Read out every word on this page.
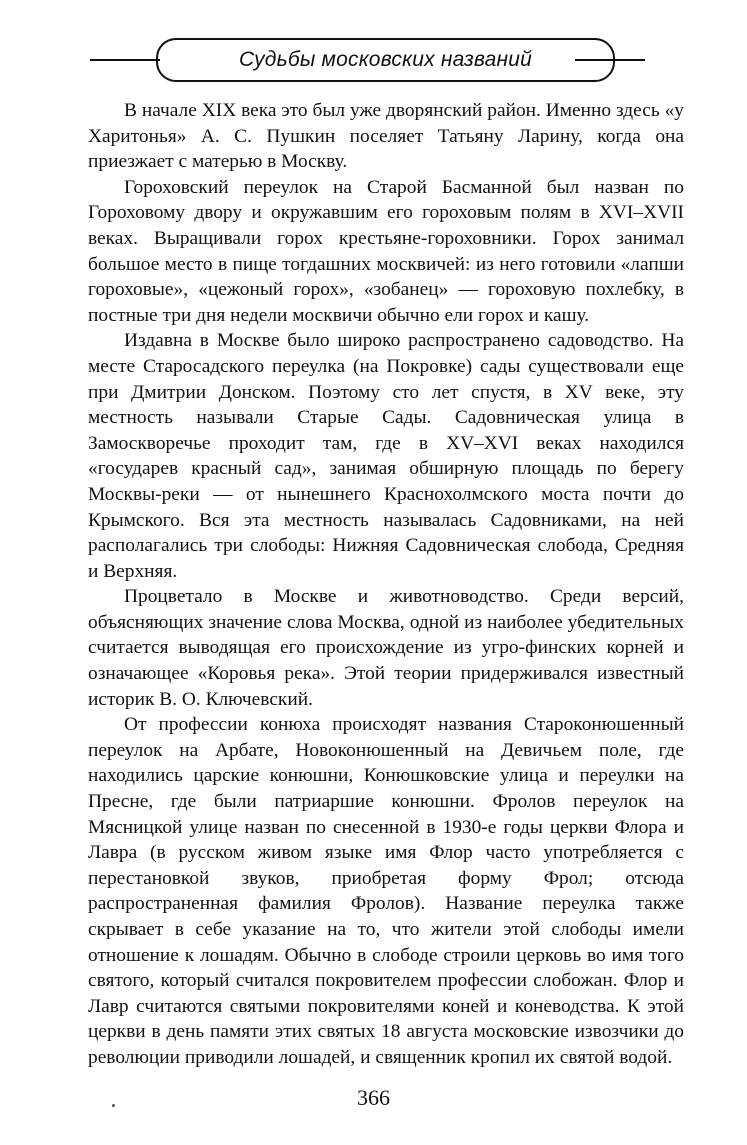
Судьбы московских названий

В начале XIX века это был уже дворянский район. Именно здесь «у Харитонья» А. С. Пушкин поселяет Татьяну Ларину, когда она приезжает с матерью в Москву.

Гороховский переулок на Старой Басманной был назван по Гороховому двору и окружавшим его гороховым полям в XVI–XVII веках. Выращивали горох крестьяне-гороховники. Горох занимал большое место в пище тогдашних москвичей: из него готовили «лапши гороховые», «цежоный горох», «зобанец» — гороховую похлебку, в постные три дня недели москвичи обычно ели горох и кашу.

Издавна в Москве было широко распространено садоводство. На месте Старосадского переулка (на Покровке) сады существовали еще при Дмитрии Донском. Поэтому сто лет спустя, в XV веке, эту местность называли Старые Сады. Садовническая улица в Замоскворечье проходит там, где в XV–XVI веках находился «государев красный сад», занимая обширную площадь по берегу Москвы-реки — от нынешнего Краснохолмского моста почти до Крымского. Вся эта местность называлась Садовниками, на ней располагались три слободы: Нижняя Садовническая слобода, Средняя и Верхняя.

Процветало в Москве и животноводство. Среди версий, объясняющих значение слова Москва, одной из наиболее убедительных считается выводящая его происхождение из угро-финских корней и означающее «Коровья река». Этой теории придерживался известный историк В. О. Ключевский.

От профессии конюха происходят названия Староконюшенный переулок на Арбате, Новоконюшенный на Девичьем поле, где находились царские конюшни, Конюшковские улица и переулки на Пресне, где были патриаршие конюшни. Фролов переулок на Мясницкой улице назван по снесенной в 1930-е годы церкви Флора и Лавра (в русском живом языке имя Флор часто употребляется с перестановкой звуков, приобретая форму Фрол; отсюда распространенная фамилия Фролов). Название переулка также скрывает в себе указание на то, что жители этой слободы имели отношение к лошадям. Обычно в слободе строили церковь во имя того святого, который считался покровителем профессии слобожан. Флор и Лавр считаются святыми покровителями коней и коневодства. К этой церкви в день памяти этих святых 18 августа московские извозчики до революции приводили лошадей, и священник кропил их святой водой.

366
